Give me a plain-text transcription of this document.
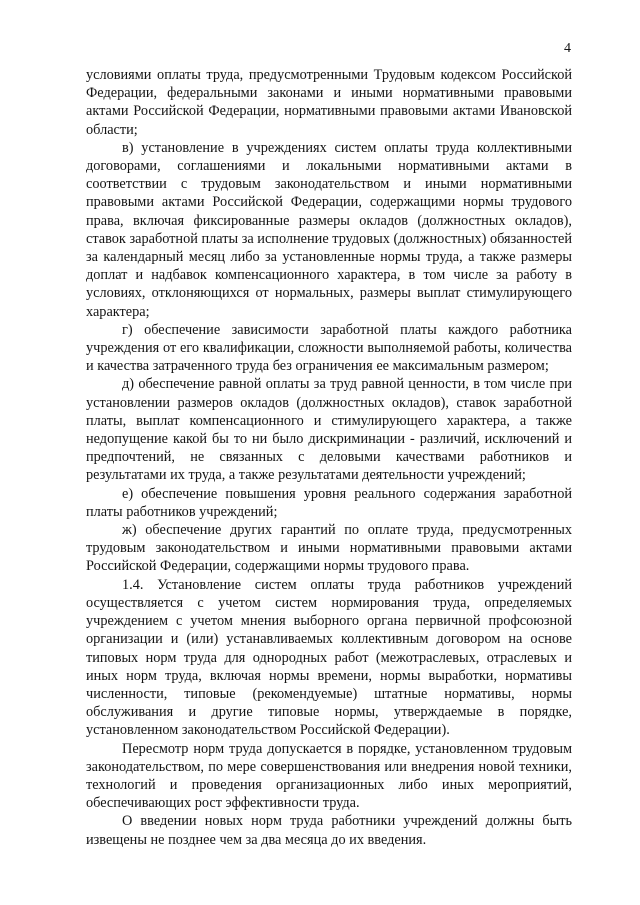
4

условиями оплаты труда, предусмотренными Трудовым кодексом Российской Федерации, федеральными законами и иными нормативными правовыми актами Российской Федерации, нормативными правовыми актами Ивановской области;

в) установление в учреждениях систем оплаты труда коллективными договорами, соглашениями и локальными нормативными актами в соответствии с трудовым законодательством и иными нормативными правовыми актами Российской Федерации, содержащими нормы трудового права, включая фиксированные размеры окладов (должностных окладов), ставок заработной платы за исполнение трудовых (должностных) обязанностей за календарный месяц либо за установленные нормы труда, а также размеры доплат и надбавок компенсационного характера, в том числе за работу в условиях, отклоняющихся от нормальных, размеры выплат стимулирующего характера;

г) обеспечение зависимости заработной платы каждого работника учреждения от его квалификации, сложности выполняемой работы, количества и качества затраченного труда без ограничения ее максимальным размером;

д) обеспечение равной оплаты за труд равной ценности, в том числе при установлении размеров окладов (должностных окладов), ставок заработной платы, выплат компенсационного и стимулирующего характера, а также недопущение какой бы то ни было дискриминации - различий, исключений и предпочтений, не связанных с деловыми качествами работников и результатами их труда, а также результатами деятельности учреждений;

е) обеспечение повышения уровня реального содержания заработной платы работников учреждений;

ж) обеспечение других гарантий по оплате труда, предусмотренных трудовым законодательством и иными нормативными правовыми актами Российской Федерации, содержащими нормы трудового права.

1.4. Установление систем оплаты труда работников учреждений осуществляется с учетом систем нормирования труда, определяемых учреждением с учетом мнения выборного органа первичной профсоюзной организации и (или) устанавливаемых коллективным договором на основе типовых норм труда для однородных работ (межотраслевых, отраслевых и иных норм труда, включая нормы времени, нормы выработки, нормативы численности, типовые (рекомендуемые) штатные нормативы, нормы обслуживания и другие типовые нормы, утверждаемые в порядке, установленном законодательством Российской Федерации).

Пересмотр норм труда допускается в порядке, установленном трудовым законодательством, по мере совершенствования или внедрения новой техники, технологий и проведения организационных либо иных мероприятий, обеспечивающих рост эффективности труда.

О введении новых норм труда работники учреждений должны быть извещены не позднее чем за два месяца до их введения.
